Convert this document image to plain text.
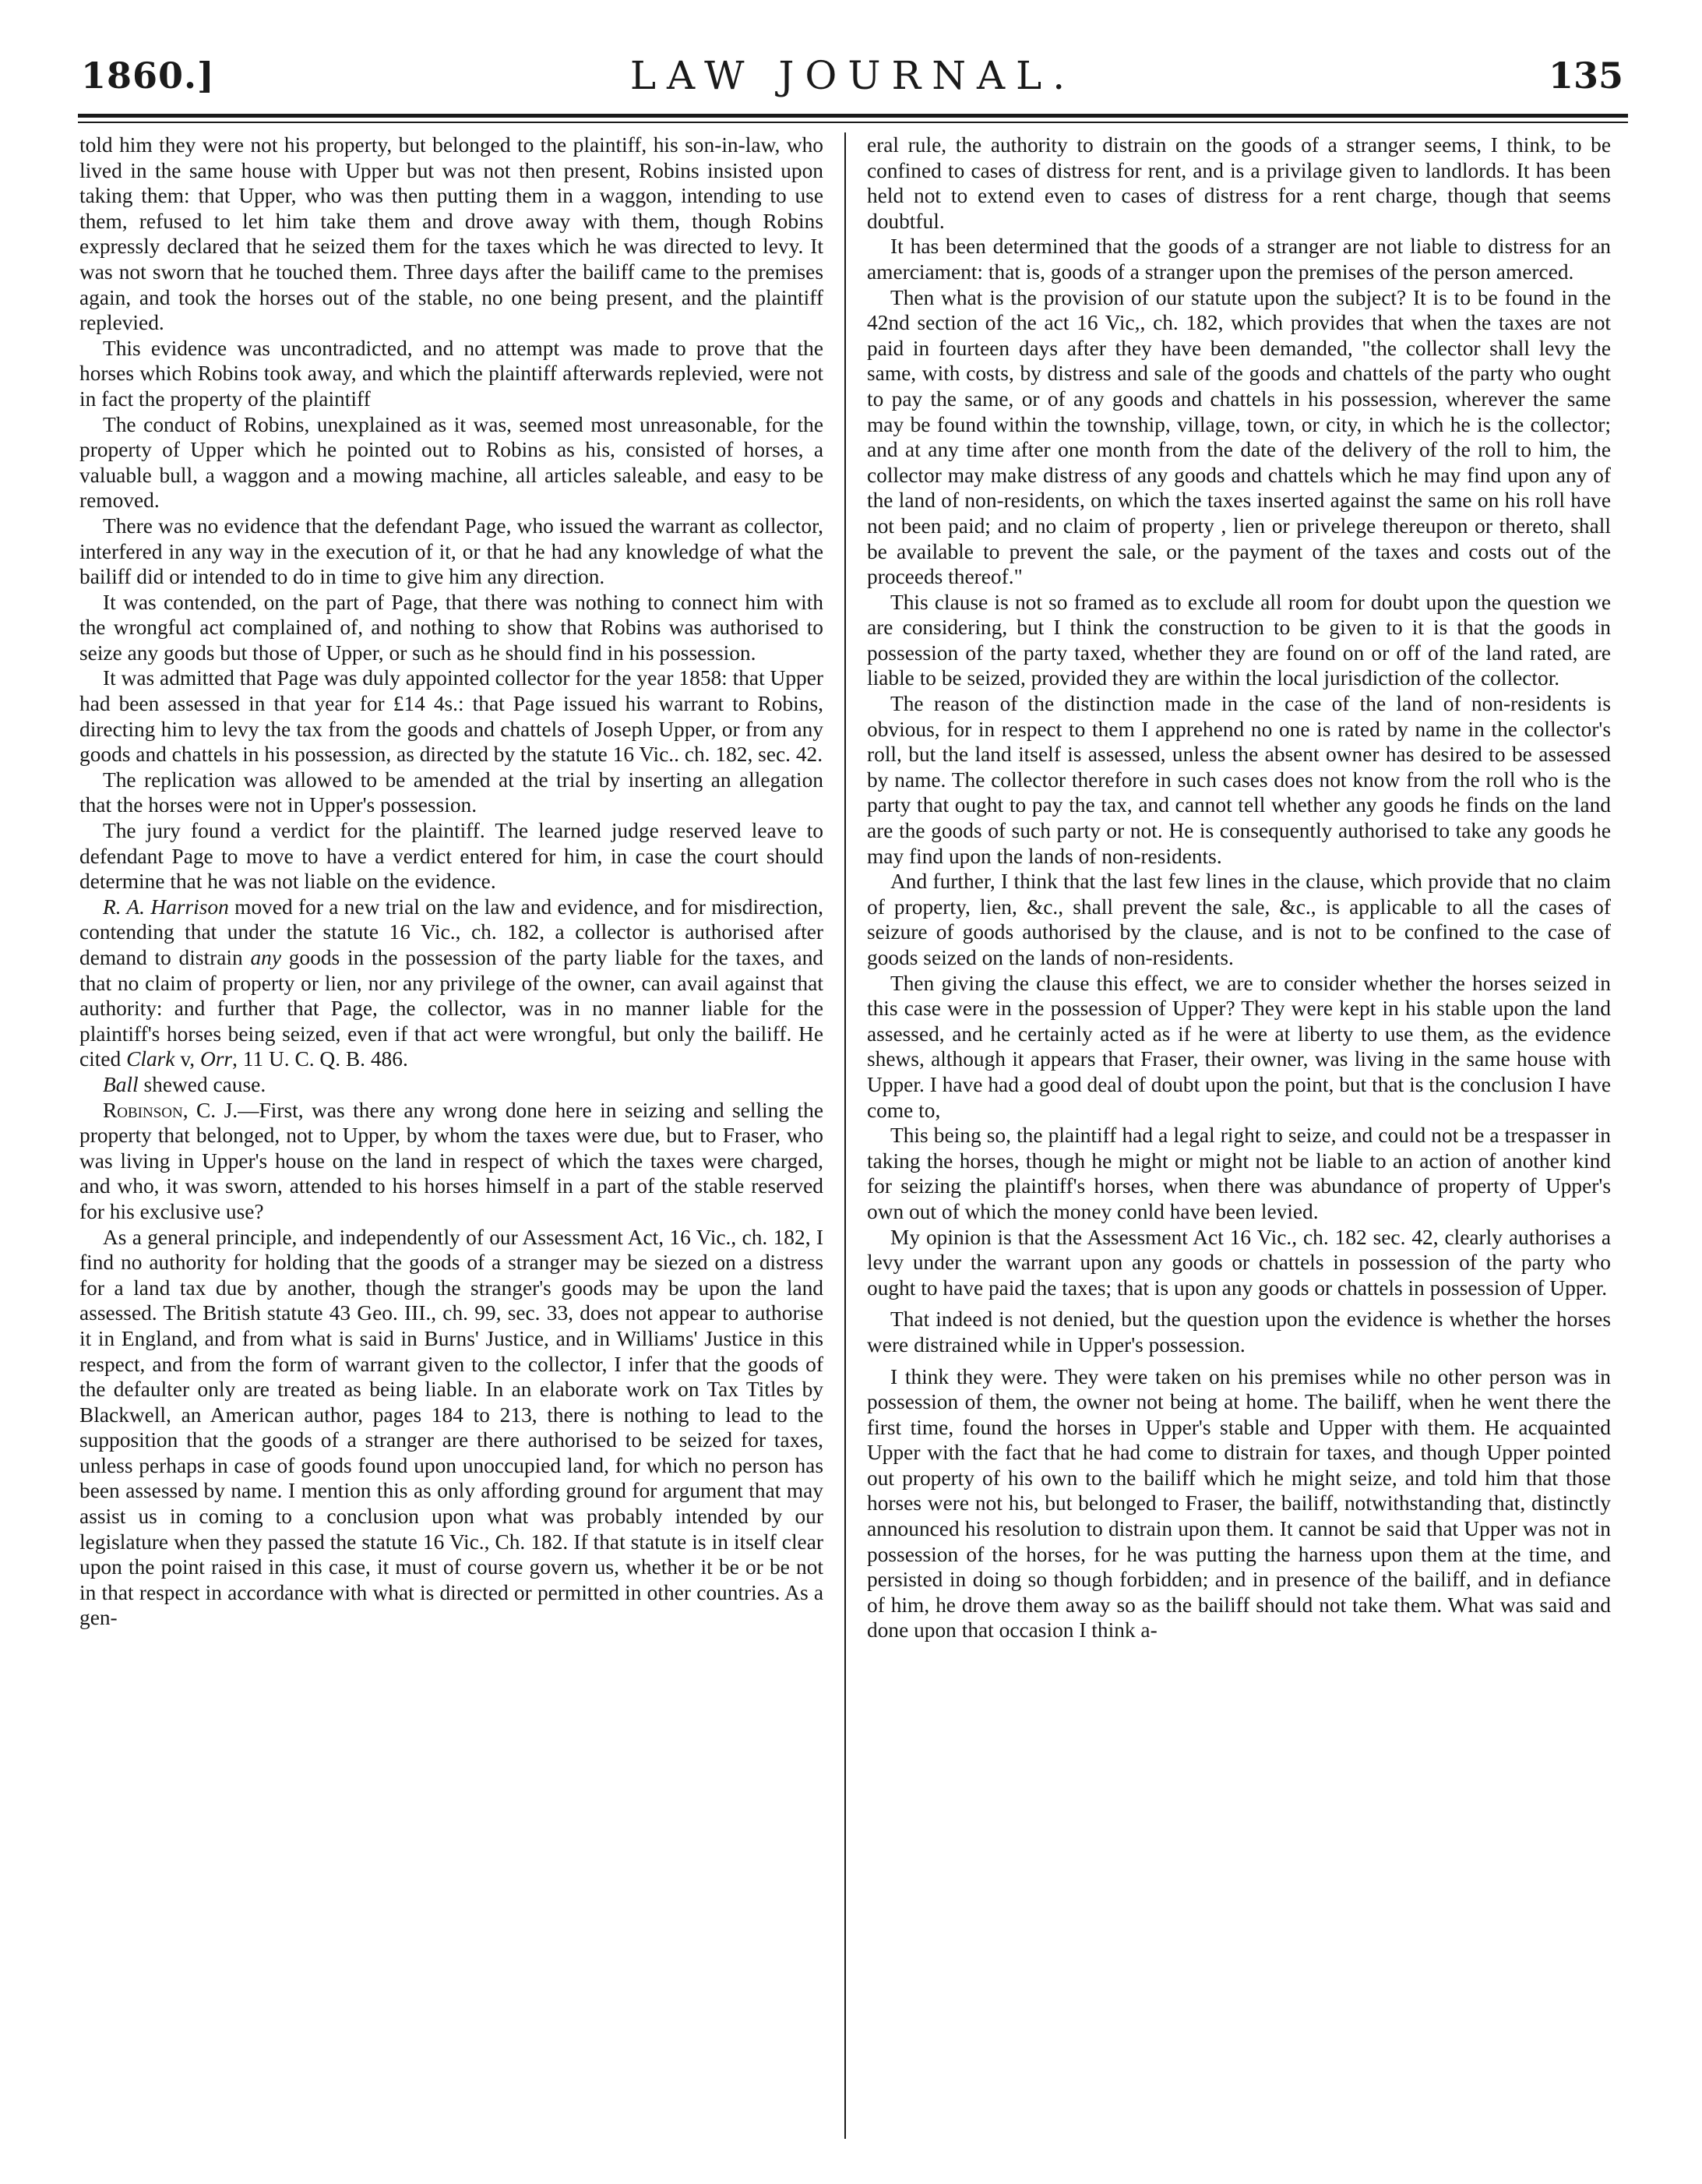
1860.]	LAW JOURNAL.	135

told him they were not his property, but belonged to the plaintiff, his son-in-law, who lived in the same house with Upper but was not then present, Robins insisted upon taking them: that Upper, who was then putting them in a waggon, intending to use them, refused to let him take them and drove away with them, though Robins expressly declared that he seized them for the taxes which he was directed to levy. It was not sworn that he touched them. Three days after the bailiff came to the premises again, and took the horses out of the stable, no one being present, and the plaintiff replevied.

This evidence was uncontradicted, and no attempt was made to prove that the horses which Robins took away, and which the plaintiff afterwards replevied, were not in fact the property of the plaintiff

The conduct of Robins, unexplained as it was, seemed most unreasonable, for the property of Upper which he pointed out to Robins as his, consisted of horses, a valuable bull, a waggon and a mowing machine, all articles saleable, and easy to be removed.

There was no evidence that the defendant Page, who issued the warrant as collector, interfered in any way in the execution of it, or that he had any knowledge of what the bailiff did or intended to do in time to give him any direction.

It was contended, on the part of Page, that there was nothing to connect him with the wrongful act complained of, and nothing to show that Robins was authorised to seize any goods but those of Upper, or such as he should find in his possession.

It was admitted that Page was duly appointed collector for the year 1858: that Upper had been assessed in that year for £14 4s.: that Page issued his warrant to Robins, directing him to levy the tax from the goods and chattels of Joseph Upper, or from any goods and chattels in his possession, as directed by the statute 16 Vic.. ch. 182, sec. 42.

The replication was allowed to be amended at the trial by inserting an allegation that the horses were not in Upper's possession.

The jury found a verdict for the plaintiff. The learned judge reserved leave to defendant Page to move to have a verdict entered for him, in case the court should determine that he was not liable on the evidence.

R. A. Harrison moved for a new trial on the law and evidence, and for misdirection, contending that under the statute 16 Vic., ch. 182, a collector is authorised after demand to distrain any goods in the possession of the party liable for the taxes, and that no claim of property or lien, nor any privilege of the owner, can avail against that authority: and further that Page, the collector, was in no manner liable for the plaintiff's horses being seized, even if that act were wrongful, but only the bailiff. He cited Clark v, Orr, 11 U. C. Q. B. 486.

Ball shewed cause.

Robinson, C. J.—First, was there any wrong done here in seizing and selling the property that belonged, not to Upper, by whom the taxes were due, but to Fraser, who was living in Upper's house on the land in respect of which the taxes were charged, and who, it was sworn, attended to his horses himself in a part of the stable reserved for his exclusive use?

As a general principle, and independently of our Assessment Act, 16 Vic., ch. 182, I find no authority for holding that the goods of a stranger may be siezed on a distress for a land tax due by another, though the stranger's goods may be upon the land assessed. The British statute 43 Geo. III., ch. 99, sec. 33, does not appear to authorise it in England, and from what is said in Burns' Justice, and in Williams' Justice in this respect, and from the form of warrant given to the collector, I infer that the goods of the defaulter only are treated as being liable. In an elaborate work on Tax Titles by Blackwell, an American author, pages 184 to 213, there is nothing to lead to the supposition that the goods of a stranger are there authorised to be seized for taxes, unless perhaps in case of goods found upon unoccupied land, for which no person has been assessed by name. I mention this as only affording ground for argument that may assist us in coming to a conclusion upon what was probably intended by our legislature when they passed the statute 16 Vic., Ch. 182. If that statute is in itself clear upon the point raised in this case, it must of course govern us, whether it be or be not in that respect in accordance with what is directed or permitted in other countries. As a gen-

eral rule, the authority to distrain on the goods of a stranger seems, I think, to be confined to cases of distress for rent, and is a privilage given to landlords. It has been held not to extend even to cases of distress for a rent charge, though that seems doubtful.

It has been determined that the goods of a stranger are not liable to distress for an amerciament: that is, goods of a stranger upon the premises of the person amerced.

Then what is the provision of our statute upon the subject? It is to be found in the 42nd section of the act 16 Vic,, ch. 182, which provides that when the taxes are not paid in fourteen days after they have been demanded, "the collector shall levy the same, with costs, by distress and sale of the goods and chattels of the party who ought to pay the same, or of any goods and chattels in his possession, wherever the same may be found within the township, village, town, or city, in which he is the collector; and at any time after one month from the date of the delivery of the roll to him, the collector may make distress of any goods and chattels which he may find upon any of the land of non-residents, on which the taxes inserted against the same on his roll have not been paid; and no claim of property , lien or privelege thereupon or thereto, shall be available to prevent the sale, or the payment of the taxes and costs out of the proceeds thereof."

This clause is not so framed as to exclude all room for doubt upon the question we are considering, but I think the construction to be given to it is that the goods in possession of the party taxed, whether they are found on or off of the land rated, are liable to be seized, provided they are within the local jurisdiction of the collector.

The reason of the distinction made in the case of the land of non-residents is obvious, for in respect to them I apprehend no one is rated by name in the collector's roll, but the land itself is assessed, unless the absent owner has desired to be assessed by name. The collector therefore in such cases does not know from the roll who is the party that ought to pay the tax, and cannot tell whether any goods he finds on the land are the goods of such party or not. He is consequently authorised to take any goods he may find upon the lands of non-residents.

And further, I think that the last few lines in the clause, which provide that no claim of property, lien, &c., shall prevent the sale, &c., is applicable to all the cases of seizure of goods authorised by the clause, and is not to be confined to the case of goods seized on the lands of non-residents.

Then giving the clause this effect, we are to consider whether the horses seized in this case were in the possession of Upper? They were kept in his stable upon the land assessed, and he certainly acted as if he were at liberty to use them, as the evidence shews, although it appears that Fraser, their owner, was living in the same house with Upper. I have had a good deal of doubt upon the point, but that is the conclusion I have come to,

This being so, the plaintiff had a legal right to seize, and could not be a trespasser in taking the horses, though he might or might not be liable to an action of another kind for seizing the plaintiff's horses, when there was abundance of property of Upper's own out of which the money conld have been levied.

My opinion is that the Assessment Act 16 Vic., ch. 182 sec. 42, clearly authorises a levy under the warrant upon any goods or chattels in possession of the party who ought to have paid the taxes; that is upon any goods or chattels in possession of Upper.

That indeed is not denied, but the question upon the evidence is whether the horses were distrained while in Upper's possession.

I think they were. They were taken on his premises while no other person was in possession of them, the owner not being at home. The bailiff, when he went there the first time, found the horses in Upper's stable and Upper with them. He acquainted Upper with the fact that he had come to distrain for taxes, and though Upper pointed out property of his own to the bailiff which he might seize, and told him that those horses were not his, but belonged to Fraser, the bailiff, notwithstanding that, distinctly announced his resolution to distrain upon them. It cannot be said that Upper was not in possession of the horses, for he was putting the harness upon them at the time, and persisted in doing so though forbidden; and in presence of the bailiff, and in defiance of him, he drove them away so as the bailiff should not take them. What was said and done upon that occasion I think a-
